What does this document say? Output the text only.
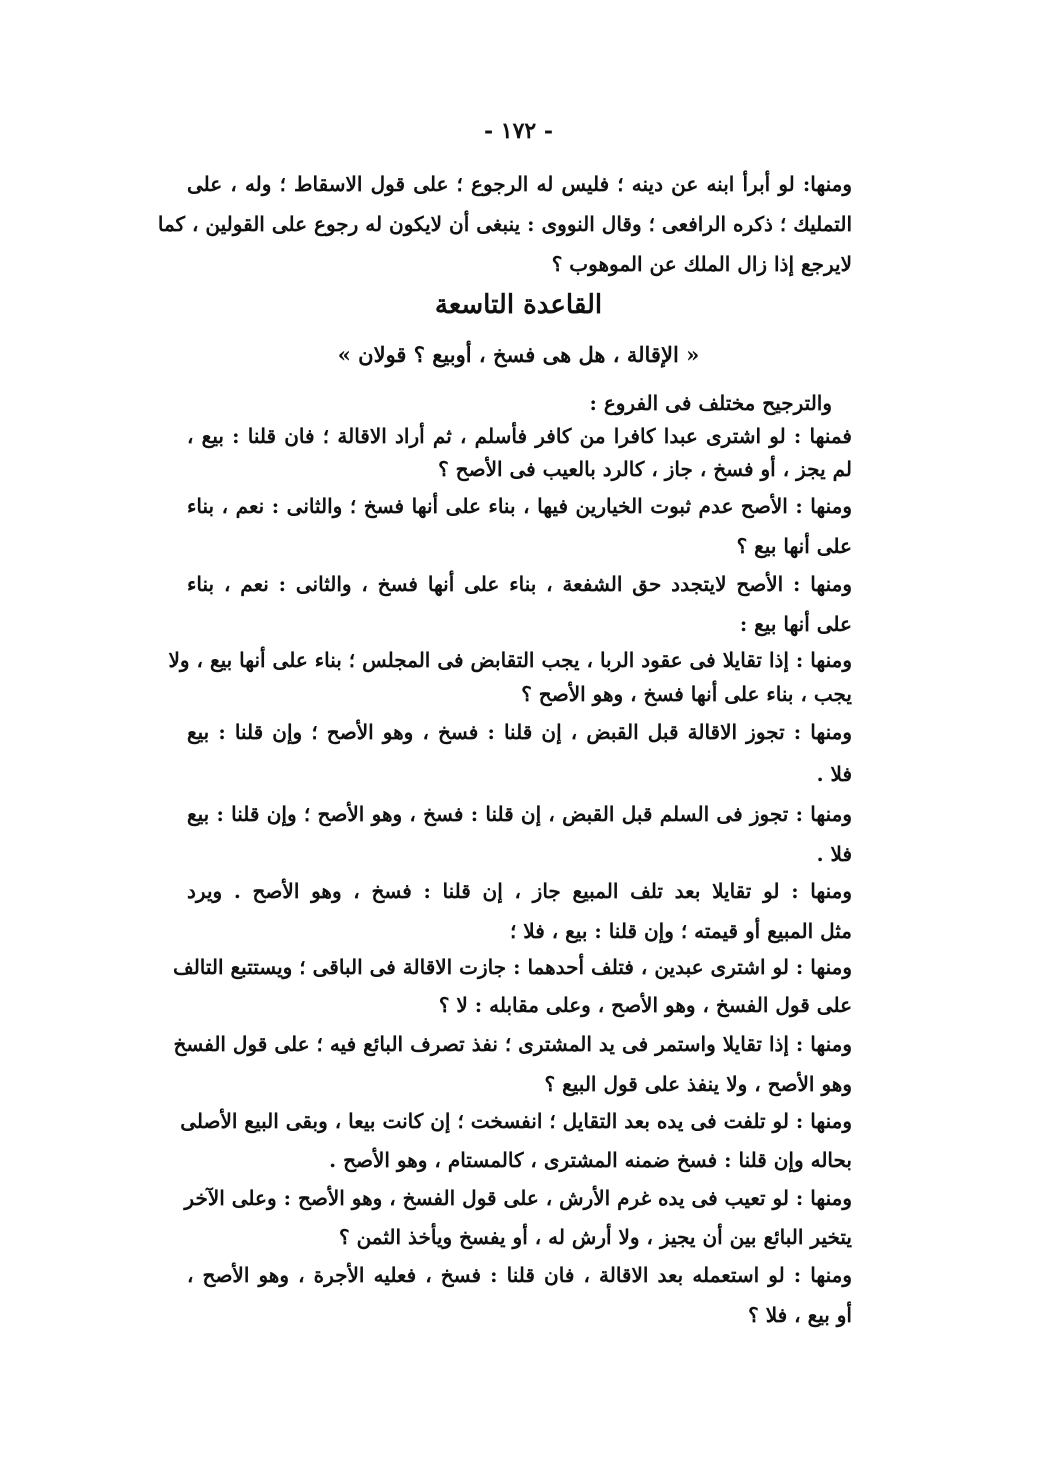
- ١٧٢ -
ومنها: لو أبرأ ابنه عن دينه ؛ فليس له الرجوع ؛ على قول الاسقاط ؛ وله ، على
التمليك ؛ ذكره الرافعى ؛ وقال النووى : ينبغى أن لايكون له رجوع على القولين ، كما
لايرجع إذا زال الملك عن الموهوب ؟
القاعدة التاسعة
« الإقالة ، هل هى فسخ ، أوبيع ؟ قولان »
والترجيح مختلف فى الفروع :
فمنها : لو اشترى عبدا كافرا من كافر فأسلم ، ثم أراد الاقالة ؛ فان قلنا : بيع ،
لم يجز ، أو فسخ ، جاز ، كالرد بالعيب فى الأصح ؟
ومنها : الأصح عدم ثبوت الخيارين فيها ، بناء على أنها فسخ ؛ والثانى : نعم ، بناء
على أنها بيع ؟
ومنها : الأصح لايتجدد حق الشفعة ، بناء على أنها فسخ ، والثانى : نعم ، بناء
على أنها بيع :
ومنها : إذا تقايلا فى عقود الربا ، يجب التقابض فى المجلس ؛ بناء على أنها بيع ، ولا
يجب ، بناء على أنها فسخ ، وهو الأصح ؟
ومنها : تجوز الاقالة قبل القبض ، إن قلنا : فسخ ، وهو الأصح ؛ وإن قلنا : بيع
فلا .
ومنها : تجوز فى السلم قبل القبض ، إن قلنا : فسخ ، وهو الأصح ؛ وإن قلنا : بيع
فلا .
ومنها : لو تقايلا بعد تلف المبيع جاز ، إن قلنا : فسخ ، وهو الأصح . ويرد
مثل المبيع أو قيمته ؛ وإن قلنا : بيع ، فلا ؛
ومنها : لو اشترى عبدين ، فتلف أحدهما : جازت الاقالة فى الباقى ؛ ويستتبع التالف
على قول الفسخ ، وهو الأصح ، وعلى مقابله : لا ؟
ومنها : إذا تقايلا واستمر فى يد المشترى ؛ نفذ تصرف البائع فيه ؛ على قول الفسخ
وهو الأصح ، ولا ينفذ على قول البيع ؟
ومنها : لو تلفت فى يده بعد التقايل ؛ انفسخت ؛ إن كانت بيعا ، وبقى البيع الأصلى
بحاله وإن قلنا : فسخ ضمنه المشترى ، كالمستام ، وهو الأصح .
ومنها : لو تعيب فى يده غرم الأرش ، على قول الفسخ ، وهو الأصح : وعلى الآخر
يتخير البائع بين أن يجيز ، ولا أرش له ، أو يفسخ ويأخذ الثمن ؟
ومنها : لو استعمله بعد الاقالة ، فان قلنا : فسخ ، فعليه الأجرة ، وهو الأصح ،
أو بيع ، فلا ؟
